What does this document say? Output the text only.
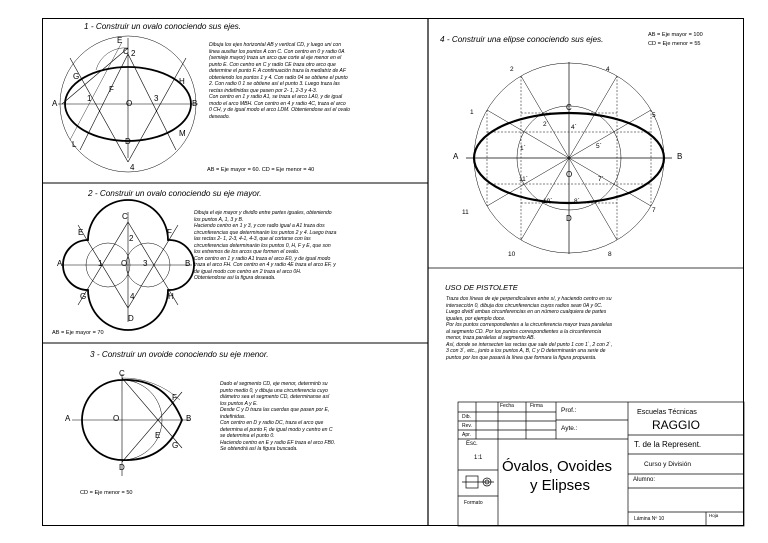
1 - Construir un ovalo conociendo sus ejes.
E
C
G
2
H
A
1
F
O
3
B
L	D
M
4
Dibuja los ejes horizontal AB y vertical CD, y luego uni con
linea auxiliar los puntos A con C. Con centro en 0 y radio 0A
(semieje mayor) traza un arco que corte al eje menor en el
punto E. Con centro en C y radio CE traza otro arco que
determine el punto F. A continuación traza la mediatriz de AF
obteniendo los puntos 1 y 4. Con radio 04 se obtiene el punto
2. Con radio 0 1 se obtiene así el punto 3. Luego traza las
rectas indefinidas que pasen por 2- 1, 2-3 y 4-3.
Con centro en 1 y radio A1, se traza el arco LA0, y de igual
modo el arco MBH. Con centro en 4 y radio 4C, traza el arco
0 CH, y de igual modo el arco LDM. Obteniendose así el ovalo
deseado.
AB = Eje mayor = 60. CD = Eje menor = 40
2 - Construir un ovalo conociendo su eje mayor.
C
E	F
A	1 O 3	B
G	4	H
2
D
Dibuja el eje mayor y dividlo entre partes iguales, obteniendo
los puntos A, 1, 3 y B.
Haciendo centro en 1 y 3, y con radio igual a A1 traza dos
circunferencias que determinarán los puntos 2 y 4. Luego traza
las rectas 2- 1, 2-3, 4-1, 4-3, que al cortarse con las
circunferencias determinarán los puntos 0, H, F y E, que son
los extremos de los arcos que formen el ovalo.
Con centro en 1 y radio A1 traza el arco E0, y de igual modo
traza el arco FH. Con centro en 4 y radio 4E traza el arco EF, y
de igual modo con centro en 2 traza el arco 0H.
Obteniendose asi la figura deseada.
AB = Eje mayor = 70
3 - Construir un ovoide conociendo su eje menor.
C
A	O
F
B
E
G
D
Dado el segmento CD, eje menor, determinb su
punto medio 0, y dibuja una circunferencia cuyo
diámetro sea el segmento CD, determinanse así
los puntos A y E.
Desde C y D traza las cuerdas que pasen por E,
indefinidas.
Con centro en D y radio DC, traza el arco que
determina el punto F, de igual modo y centro en C
se determina el punto 0.
Haciendo centro en E y radio EF traza el arco FB0.
Se obtendrá así la figura buscada.
CD = Eje menor = 50
4 - Construir una elipse conociendo sus ejes.	AB = Eje mayor = 100
CD = Eje menor = 55
2	4
1	5
C
2`	4`
1`	5`
A
O
B
11`	7`
10`	8`
D
11	7
10	8
USO DE PISTOLETE
Traza dos líneas de eje perpendiculares entre sí, y haciendo centro en su
intersección 0, dibuja dos circunferencias cuyos radios sean 0A y 0C.
Luego dividí ambas circunferencias en un número cualquiera de partes
iguales, por ejemplo doce.
Por los puntos correspondientes a la circunferencia mayor traza paralelas
al segmento CD. Por los puntos correspondientes a la circunferencia
menor, traza paralelas al segmento AB.
Así, donde se intersecten las rectas que sale del punto 1 con 1`, 2 con 2`,
3 con 3`, etc., junto a los puntos A, B, C y D determinarán una serie de
puntos por los que pasará la línea que formara la figura propuesta.
Fecha	Firma
Dib.
Rev.
Apr.
Prof.:
Ayte.:
Esc.
1:1
Formato
Óvalos, Ovoides
y Elipses
Escuelas Técnicas
RAGGIO
T. de la Represent.
Curso y División
Alumno:
Lámina Nº 10
Hoja
